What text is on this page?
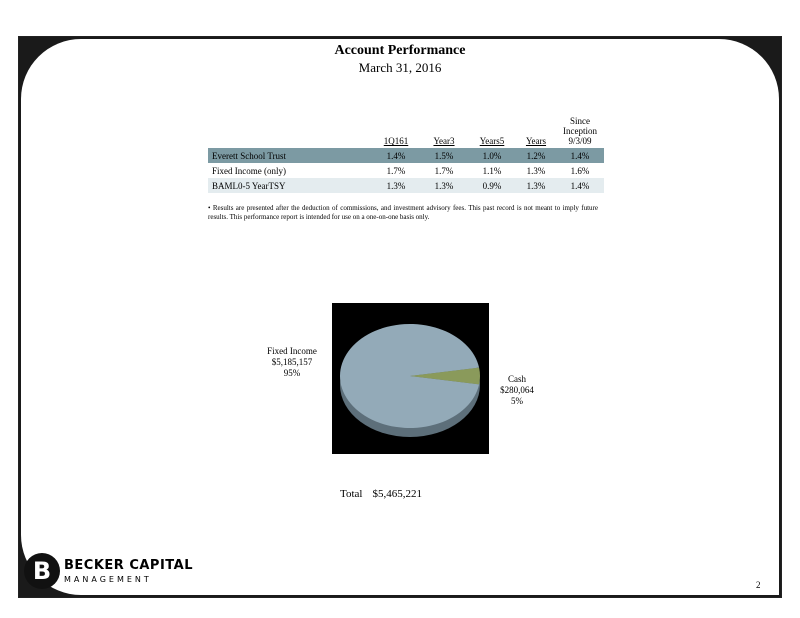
Account Performance
March 31, 2016
	1Q161	Year3	Years5	Years	Since Inception 9/3/09
Everett School Trust	1.4%	1.5%	1.0%	1.2%	1.4%
Fixed Income (only)	1.7%	1.7%	1.1%	1.3%	1.6%
BAML0-5 YearTSY	1.3%	1.3%	0.9%	1.3%	1.4%
• Results are presented after the deduction of commissions, and investment advisory fees. This past record is not meant to imply future results. This performance report is intended for use on a one-on-one basis only.
Fixed Income
$5,185,157
95%
Cash
$280,064
5%
Total $5,465,221
B BECKER CAPITAL
MANAGEMENT
2
